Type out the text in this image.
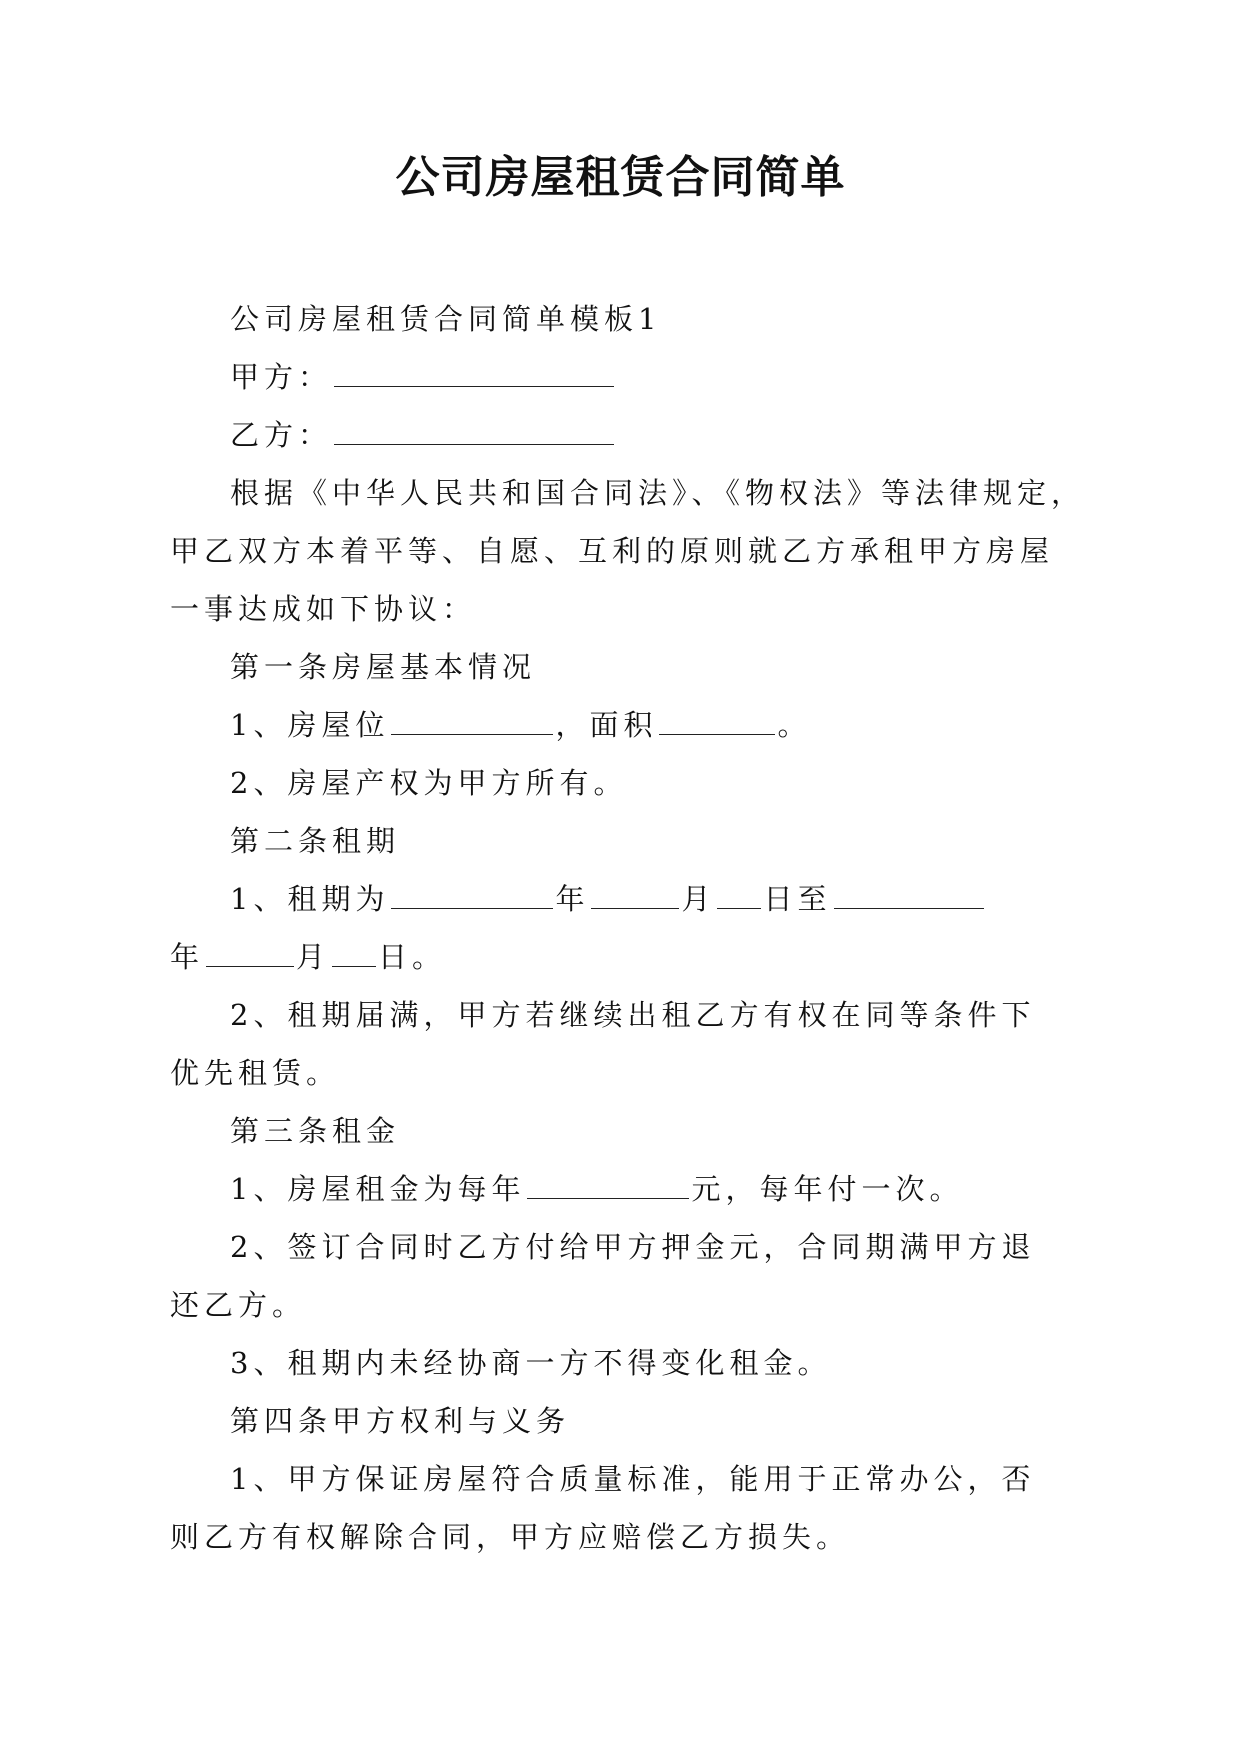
公司房屋租赁合同简单

公司房屋租赁合同简单模板1

甲方：

乙方：

根据《中华人民共和国合同法》、《物权法》等法律规定，
甲乙双方本着平等、自愿、互利的原则就乙方承租甲方房屋
一事达成如下协议：

第一条房屋基本情况

1、房屋位	，面积	。

2、房屋产权为甲方所有。

第二条租期

1、租期为	年	月 日至
年	月 日。

2、租期届满，甲方若继续出租乙方有权在同等条件下
优先租赁。

第三条租金

1、房屋租金为每年	元，每年付一次。

2、签订合同时乙方付给甲方押金元，合同期满甲方退
还乙方。

3、租期内未经协商一方不得变化租金。

第四条甲方权利与义务

1、甲方保证房屋符合质量标准，能用于正常办公，否
则乙方有权解除合同，甲方应赔偿乙方损失。
